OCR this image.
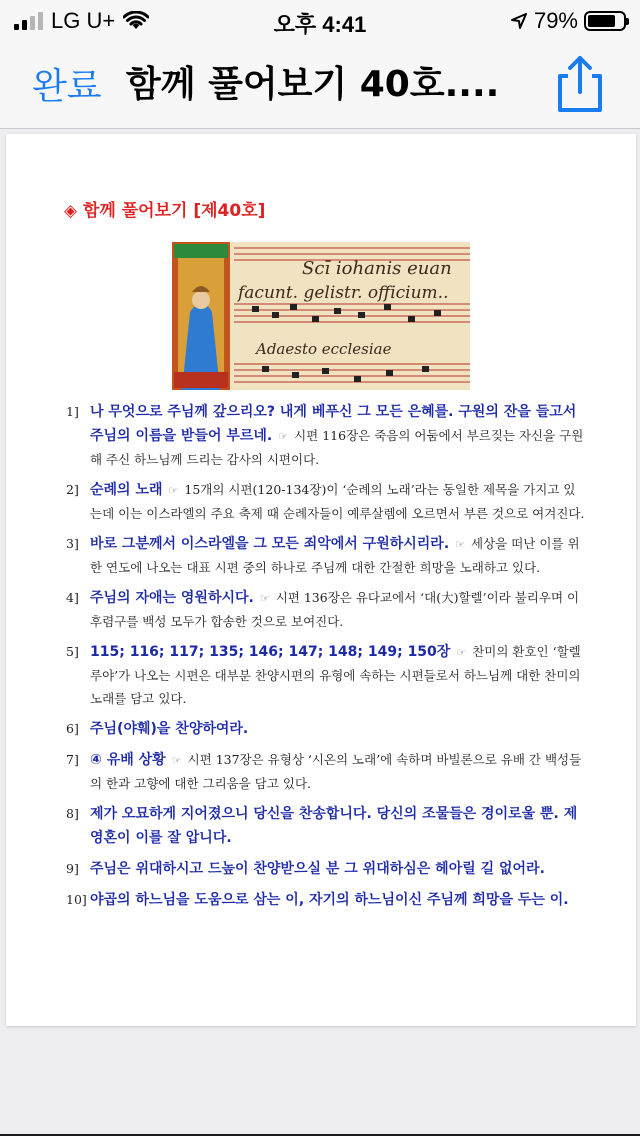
LG U+	오후 4:41	79%
완료 함께 풀어보기 40호....
◈ 함께 풀어보기 [제40호]
Scī iohanis euan
facunt. gelistr. officium..
Adaesto ecclesiae
1] 나 무엇으로 주님께 갚으리오? 내게 베푸신 그 모든 은혜를. 구원의 잔을 들고서 주님의 이름을 받들어 부르네. ☞ 시편 116장은 죽음의 어둠에서 부르짖는 자신을 구원해 주신 하느님께 드리는 감사의 시편이다.
2] 순례의 노래 ☞ 15개의 시편(120-134장)이 ‘순례의 노래’라는 동일한 제목을 가지고 있는데 이는 이스라엘의 주요 축제 때 순례자들이 예루살렘에 오르면서 부른 것으로 여겨진다.
3] 바로 그분께서 이스라엘을 그 모든 죄악에서 구원하시리라. ☞ 세상을 떠난 이를 위한 연도에 나오는 대표 시편 중의 하나로 주님께 대한 간절한 희망을 노래하고 있다.
4] 주님의 자애는 영원하시다. ☞ 시편 136장은 유다교에서 ‘대(大)할렐’이라 불리우며 이 후렴구를 백성 모두가 합송한 것으로 보여진다.
5] 115; 116; 117; 135; 146; 147; 148; 149; 150장 ☞ 찬미의 환호인 ‘할렐루야’가 나오는 시편은 대부분 찬양시편의 유형에 속하는 시편들로서 하느님께 대한 찬미의 노래를 담고 있다.
6] 주님(야훼)을 찬양하여라.
7] ④ 유배 상황 ☞ 시편 137장은 유형상 ‘시온의 노래’에 속하며 바빌론으로 유배 간 백성들의 한과 고향에 대한 그리움을 담고 있다.
8] 제가 오묘하게 지어졌으니 당신을 찬송합니다. 당신의 조물들은 경이로울 뿐. 제 영혼이 이를 잘 압니다.
9] 주님은 위대하시고 드높이 찬양받으실 분 그 위대하심은 헤아릴 길 없어라.
10] 야곱의 하느님을 도움으로 삼는 이, 자기의 하느님이신 주님께 희망을 두는 이.
